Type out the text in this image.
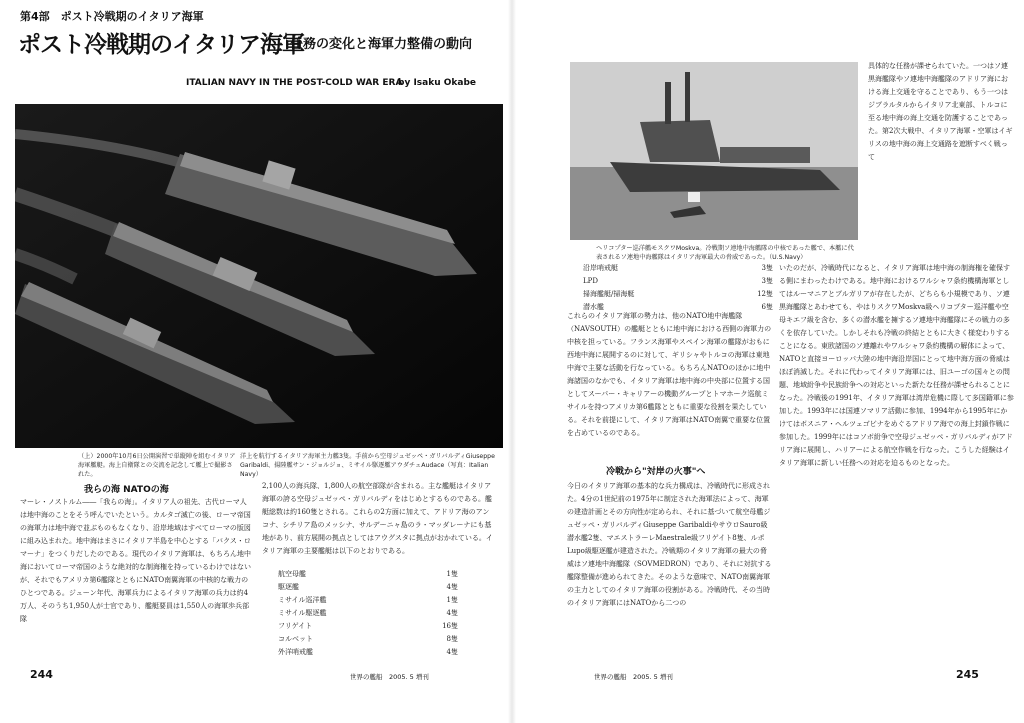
第4部　ポスト冷戦期のイタリア海軍
ポスト冷戦期のイタリア海軍
任務の変化と海軍力整備の動向
ITALIAN NAVY IN THE POST-COLD WAR ERA
by Isaku Okabe
（上）2000年10月6日公開演習で単縦陣を組むイタリア海軍艦艇。海上自衛隊との交流を記念して艦上で撮影された。
洋上を航行するイタリア海軍主力艦3隻。手前から空母ジュゼッペ・ガリバルディGiuseppe Garibaldi、揚陸艦サン・ジョルジョ、ミサイル駆逐艦アウダチェAudace（写真：Italian Navy）
我らの海 NATOの海
マーレ・ノストルム――「我らの海」。イタリア人の祖先、古代ローマ人は地中海のことをそう呼んでいたという。カルタゴ滅亡の後、ローマ帝国の海軍力は地中海で並ぶものもなくなり、沿岸地域はすべてローマの版図に組み込まれた。地中海はまさにイタリア半島を中心とする「バクス・ロマーナ」をつくりだしたのである。現代のイタリア海軍は、もちろん地中海においてローマ帝国のような絶対的な制海権を持っているわけではないが、それでもアメリカ第6艦隊とともにNATO南翼海軍の中核的な戦力のひとつである。ジューン年代、海軍兵力によるイタリア海軍の兵力は約4万人、そのうち1,950人が士官であり、艦艇要員は1,550人の海軍歩兵部隊
2,100人の海兵隊、1,800人の航空部隊が含まれる。主な艦艇はイタリア海軍の誇る空母ジュゼッペ・ガリバルディをはじめとするものである。艦艇総数は約160隻とされる。これらの2方面に加えて、アドリア海のアンコナ、シチリア島のメッシナ、サルデーニャ島のラ・マッダレーナにも基地があり、前方展開の拠点としてはアウグスタに拠点がおかれている。イタリア海軍の主要艦艇は以下のとおりである。
航空母艦	1隻
駆逐艦	4隻
ミサイル巡洋艦	1隻
ミサイル駆逐艦	4隻
フリゲイト	16隻
コルベット	8隻
外洋哨戒艦	4隻
244	世界の艦船　2005. 5 増刊
ヘリコプター巡洋艦モスクワMoskva。冷戦期ソ連地中海艦隊の中核であった艦で、本艦に代表されるソ連地中海艦隊はイタリア海軍最大の脅威であった。（U.S.Navy）
沿岸哨戒艇	3隻
LPD	3隻
掃海艦艇/掃海艇	12隻
潜水艦	6隻
これらのイタリア海軍の勢力は、他のNATO地中海艦隊（NAVSOUTH）の艦艇とともに地中海における西側の海軍力の中核を担っている。フランス海軍やスペイン海軍の艦隊がおもに西地中海に展開するのに対して、ギリシャやトルコの海軍は東地中海で主要な活動を行なっている。もちろんNATOのほかに地中海諸国のなかでも、イタリア海軍は地中海の中央部に位置する国としてスーパー・キャリアーの機動グループとトマホーク巡航ミサイルを持つアメリカ第6艦隊とともに重要な役割を果たしている。それを前提にして、イタリア海軍はNATO南翼で重要な位置を占めているのである。
冷戦から"対岸の火事"へ
今日のイタリア海軍の基本的な兵力構成は、冷戦時代に形成された。4分の1世紀前の1975年に制定された海軍法によって、海軍の建造計画とその方向性が定められ、それに基づいて航空母艦ジュゼッペ・ガリバルディGiuseppe GaribaldiやサウロSauro級潜水艦2隻、マエストラーレMaestrale級フリゲイト8隻、ルポLupo級駆逐艦が建造された。冷戦期のイタリア海軍の最大の脅威はソ連地中海艦隊（SOVMEDRON）であり、それに対抗する艦隊整備が進められてきた。そのような意味で、NATO南翼海軍の主力としてのイタリア海軍の役割がある。冷戦時代、その当時のイタリア海軍にはNATOから二つの
具体的な任務が課せられていた。一つはソ連黒海艦隊やソ連地中海艦隊のアドリア海における海上交通を守ることであり、もう一つはジブラルタルからイタリア北東部、トルコに至る地中海の海上交通を防護することであった。第2次大戦中、イタリア海軍・空軍はイギリスの地中海の海上交通路を遮断すべく戦って
いたのだが、冷戦時代になると、イタリア海軍は地中海の制海権を確保する側にまわったわけである。地中海におけるワルシャワ条約機構海軍としてはルーマニアとブルガリアが存在したが、どちらも小規模であり、ソ連黒海艦隊とあわせても、やはりスクワMoskva級ヘリコプター巡洋艦や空母キエフ級を含む、多くの潜水艦を擁するソ連地中海艦隊にその戦力の多くを依存していた。しかしそれも冷戦の終結とともに大きく様変わりすることになる。東欧諸国のソ連離れやワルシャワ条約機構の解体によって、NATOと直接ヨーロッパ大陸の地中海沿岸国にとって地中海方面の脅威はほぼ消滅した。それに代わってイタリア海軍には、旧ユーゴの国々との問題、地域紛争や民族紛争への対応といった新たな任務が課せられることになった。冷戦後の1991年、イタリア海軍は湾岸危機に際して多国籍軍に参加した。1993年には国連ソマリア活動に参加、1994年から1995年にかけてはボスニア・ヘルツェゴビナをめぐるアドリア海での海上封鎖作戦に参加した。1999年にはコソボ紛争で空母ジュゼッペ・ガリバルディがアドリア海に展開し、ハリアーによる航空作戦を行なった。こうした経験はイタリア海軍に新しい任務への対応を迫るものとなった。
世界の艦船　2005. 5 増刊	245
